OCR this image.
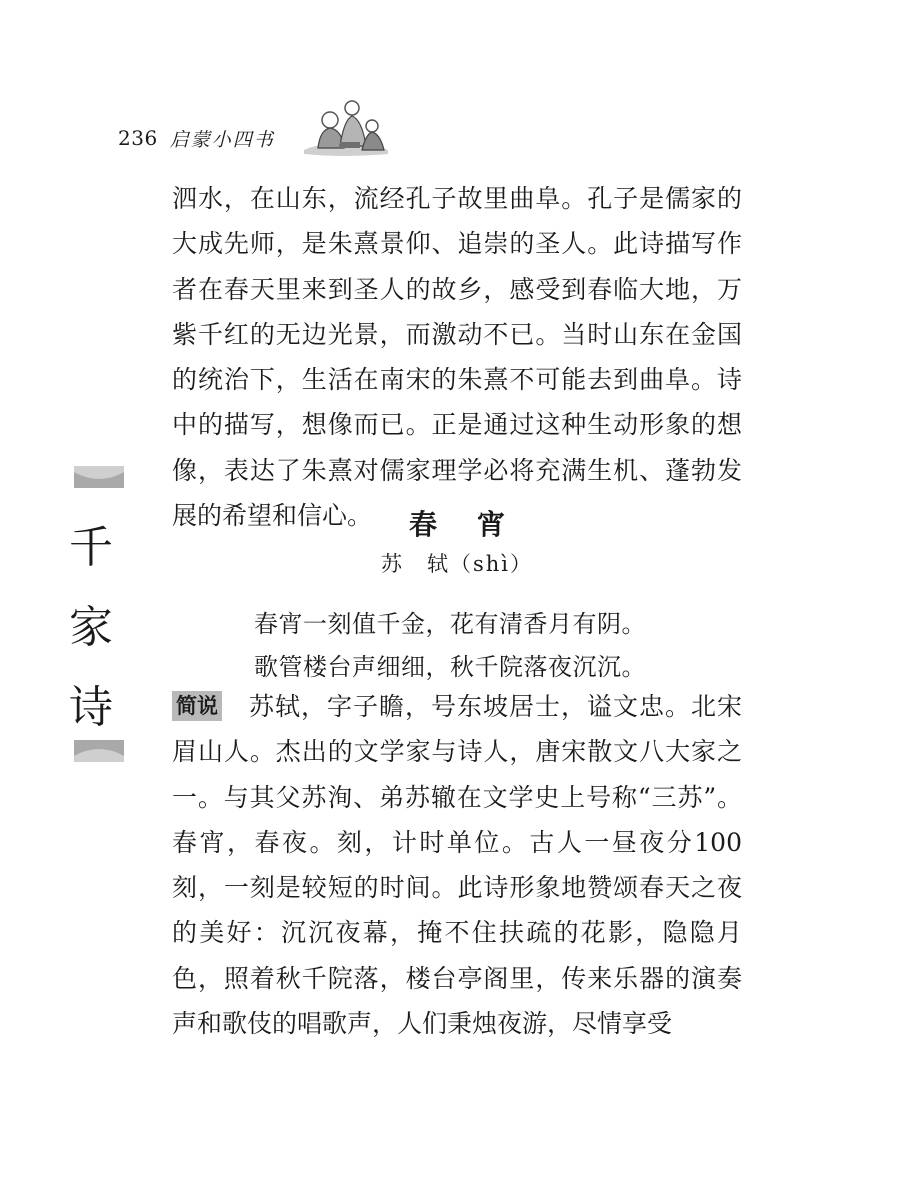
236 启蒙小四书
千
家
诗

泗水，在山东，流经孔子故里曲阜。孔子是儒家的大成先师，是朱熹景仰、追崇的圣人。此诗描写作者在春天里来到圣人的故乡，感受到春临大地，万紫千红的无边光景，而激动不已。当时山东在金国的统治下，生活在南宋的朱熹不可能去到曲阜。诗中的描写，想像而已。正是通过这种生动形象的想像，表达了朱熹对儒家理学必将充满生机、蓬勃发展的希望和信心。	春宵
苏　轼（shì）
春宵一刻值千金，花有清香月有阴。
歌管楼台声细细，秋千院落夜沉沉。

简说 苏轼，字子瞻，号东坡居士，谥文忠。北宋眉山人。杰出的文学家与诗人，唐宋散文八大家之一。与其父苏洵、弟苏辙在文学史上号称“三苏”。春宵，春夜。刻，计时单位。古人一昼夜分100刻，一刻是较短的时间。此诗形象地赞颂春天之夜的美好：沉沉夜幕，掩不住扶疏的花影，隐隐月色，照着秋千院落，楼台亭阁里，传来乐器的演奏声和歌伎的唱歌声，人们秉烛夜游，尽情享受
